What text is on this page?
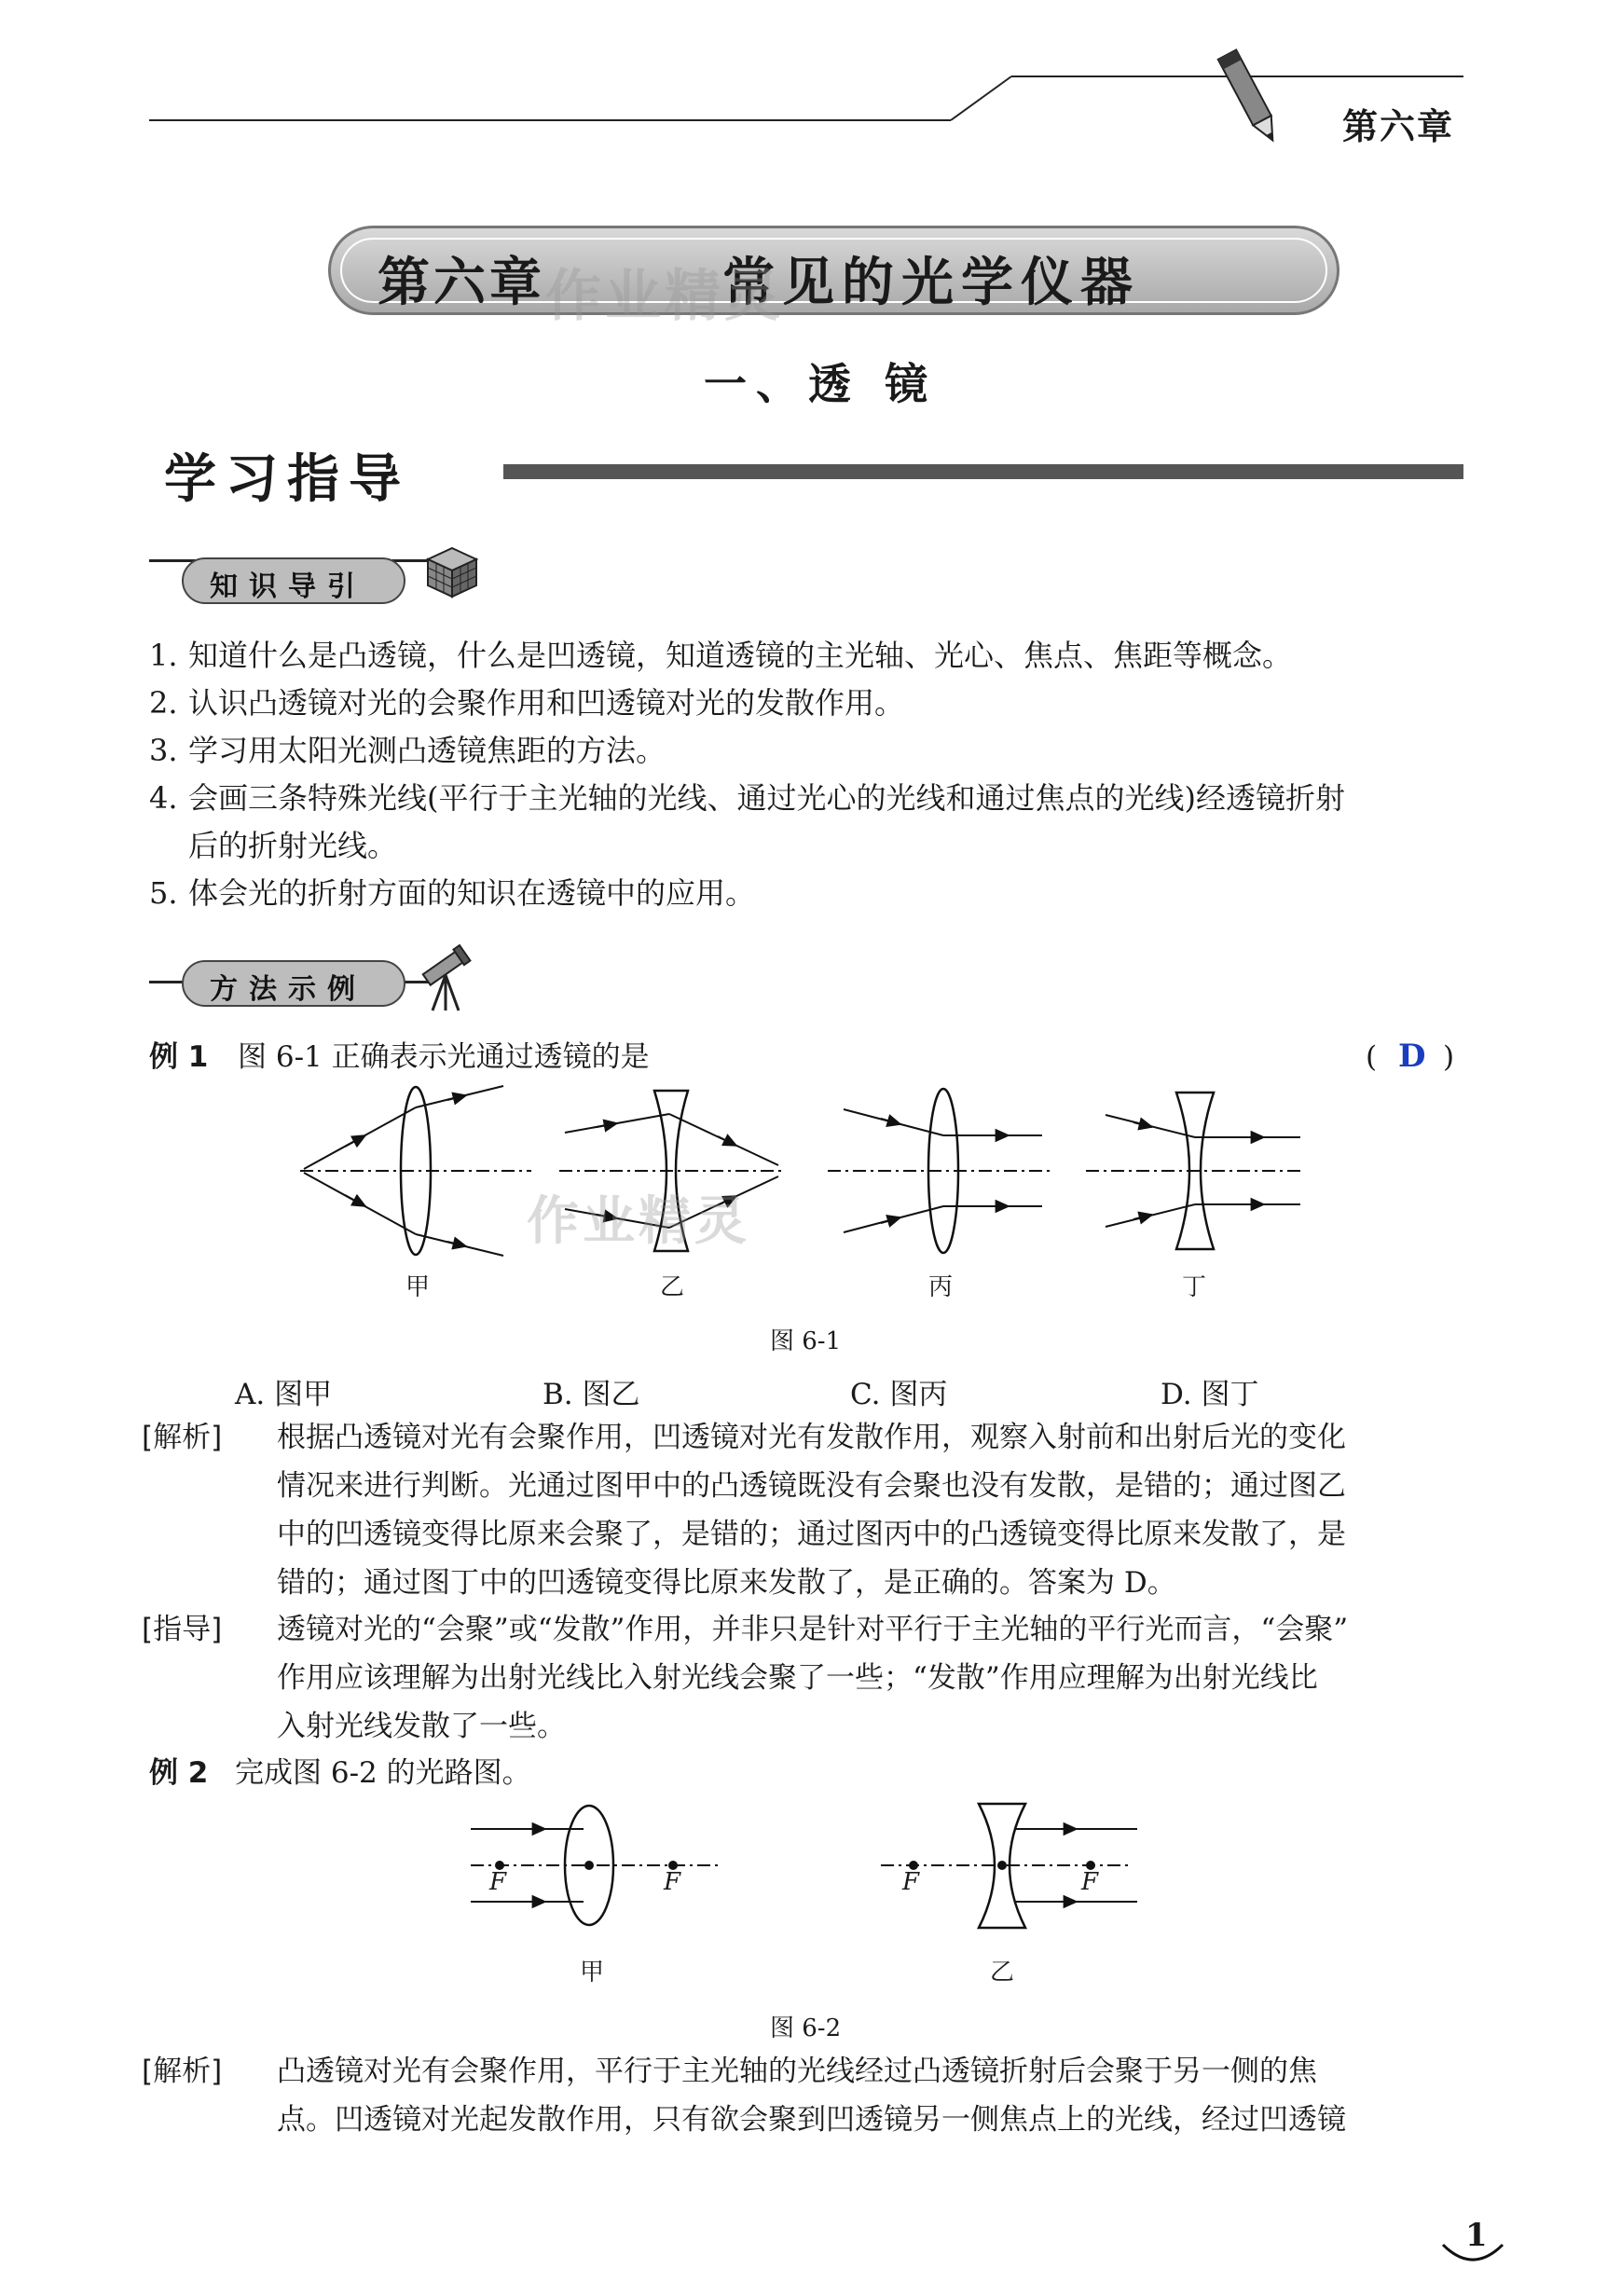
第六章
第六章	常见的光学仪器
作业精灵
一、透 镜
学习指导
知识导引
1. 知道什么是凸透镜，什么是凹透镜，知道透镜的主光轴、光心、焦点、焦距等概念。
2. 认识凸透镜对光的会聚作用和凹透镜对光的发散作用。
3. 学习用太阳光测凸透镜焦距的方法。
4. 会画三条特殊光线(平行于主光轴的光线、通过光心的光线和通过焦点的光线)经透镜折射
后的折射光线。
5. 体会光的折射方面的知识在透镜中的应用。
方法示例
例 1 图 6-1 正确表示光通过透镜的是	( D )
作业精灵
甲	乙	丙	丁
图 6-1
A. 图甲	B. 图乙	C. 图丙	D. 图丁
[解析] 根据凸透镜对光有会聚作用，凹透镜对光有发散作用，观察入射前和出射后光的变化
情况来进行判断。光通过图甲中的凸透镜既没有会聚也没有发散，是错的；通过图乙
中的凹透镜变得比原来会聚了，是错的；通过图丙中的凸透镜变得比原来发散了，是
错的；通过图丁中的凹透镜变得比原来发散了，是正确的。答案为 D。
[指导] 透镜对光的“会聚”或“发散”作用，并非只是针对平行于主光轴的平行光而言，“会聚”
作用应该理解为出射光线比入射光线会聚了一些；“发散”作用应理解为出射光线比
入射光线发散了一些。
例 2 完成图 6-2 的光路图。
F	F	F	F
甲	乙
图 6-2
[解析] 凸透镜对光有会聚作用，平行于主光轴的光线经过凸透镜折射后会聚于另一侧的焦
点。凹透镜对光起发散作用，只有欲会聚到凹透镜另一侧焦点上的光线，经过凹透镜
1
